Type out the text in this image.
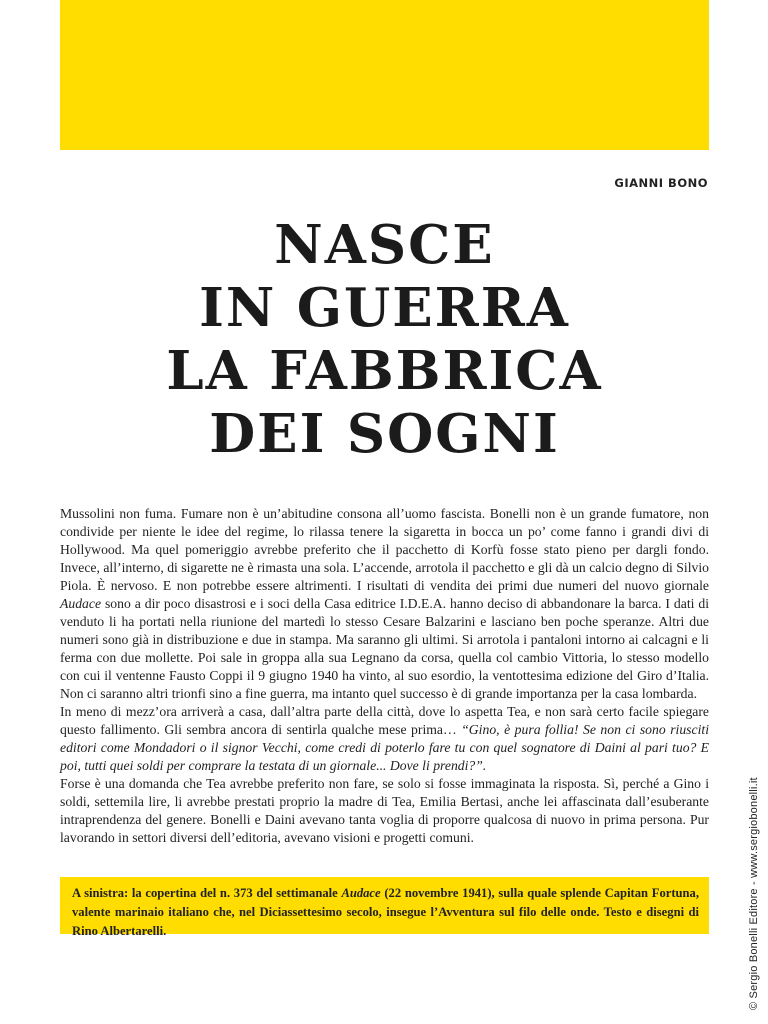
GIANNI BONO
NASCE
IN GUERRA
LA FABBRICA
DEI SOGNI

Mussolini non fuma. Fumare non è un’abitudine consona all’uomo fascista. Bonelli non è un grande fumatore, non condivide per niente le idee del regime, lo rilassa tenere la sigaretta in bocca un po’ come fanno i grandi divi di Hollywood. Ma quel pomeriggio avrebbe preferito che il pacchetto di Korfù fosse stato pieno per dargli fondo. Invece, all’interno, di sigarette ne è rimasta una sola. L’accende, arrotola il pacchetto e gli dà un calcio degno di Silvio Piola. È nervoso. E non potrebbe essere altrimenti. I risultati di vendita dei primi due numeri del nuovo giornale Audace sono a dir poco disastrosi e i soci della Casa editrice I.D.E.A. hanno deciso di abbandonare la barca. I dati di venduto li ha portati nella riunione del martedì lo stesso Cesare Balzarini e lasciano ben poche speranze. Altri due numeri sono già in distribuzione e due in stampa. Ma saranno gli ultimi. Si arrotola i pantaloni intorno ai calcagni e li ferma con due mollette. Poi sale in groppa alla sua Legnano da corsa, quella col cambio Vittoria, lo stesso modello con cui il ventenne Fausto Coppi il 9 giugno 1940 ha vinto, al suo esordio, la ventottesima edizione del Giro d’Italia. Non ci saranno altri trionfi sino a fine guerra, ma intanto quel successo è di grande importanza per la casa lombarda.

In meno di mezz’ora arriverà a casa, dall’altra parte della città, dove lo aspetta Tea, e non sarà certo facile spiegare questo fallimento. Gli sembra ancora di sentirla qualche mese prima… “Gino, è pura follia! Se non ci sono riusciti editori come Mondadori o il signor Vecchi, come credi di poterlo fare tu con quel sognatore di Daini al pari tuo? E poi, tutti quei soldi per comprare la testata di un giornale... Dove li prendi?”.

Forse è una domanda che Tea avrebbe preferito non fare, se solo si fosse immaginata la risposta. Sì, perché a Gino i soldi, settemila lire, li avrebbe prestati proprio la madre di Tea, Emilia Bertasi, anche lei affascinata dall’esuberante intraprendenza del genere. Bonelli e Daini avevano tanta voglia di proporre qualcosa di nuovo in prima persona. Pur lavorando in settori diversi dell’editoria, avevano visioni e progetti comuni.

A sinistra: la copertina del n. 373 del settimanale Audace (22 novembre 1941), sulla quale splende Capitan Fortuna, valente marinaio italiano che, nel Diciassettesimo secolo, insegue l’Avventura sul filo delle onde. Testo e disegni di Rino Albertarelli.	© Sergio Bonelli Editore - www.sergiobonelli.it
